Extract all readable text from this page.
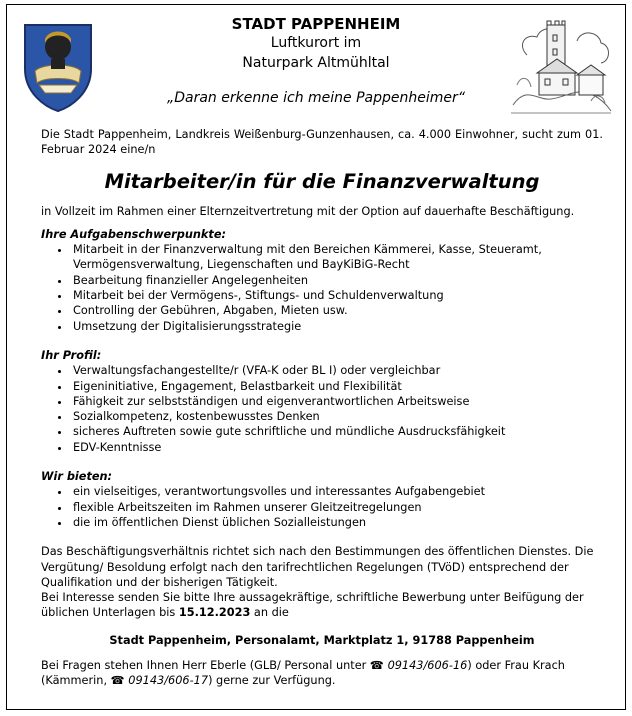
STADT PAPPENHEIM
Luftkurort im
Naturpark Altmühltal
„Daran erkenne ich meine Pappenheimer“

Die Stadt Pappenheim, Landkreis Weißenburg-Gunzenhausen, ca. 4.000 Einwohner, sucht zum 01. Februar 2024 eine/n

Mitarbeiter/in für die Finanzverwaltung

in Vollzeit im Rahmen einer Elternzeitvertretung mit der Option auf dauerhafte Beschäftigung.

Ihre Aufgabenschwerpunkte:
• Mitarbeit in der Finanzverwaltung mit den Bereichen Kämmerei, Kasse, Steueramt, Vermögensverwaltung, Liegenschaften und BayKiBiG-Recht
• Bearbeitung finanzieller Angelegenheiten
• Mitarbeit bei der Vermögens-, Stiftungs- und Schuldenverwaltung
• Controlling der Gebühren, Abgaben, Mieten usw.
• Umsetzung der Digitalisierungsstrategie
Ihr Profil:
• Verwaltungsfachangestellte/r (VFA-K oder BL I) oder vergleichbar
• Eigeninitiative, Engagement, Belastbarkeit und Flexibilität
• Fähigkeit zur selbstständigen und eigenverantwortlichen Arbeitsweise
• Sozialkompetenz, kostenbewusstes Denken
• sicheres Auftreten sowie gute schriftliche und mündliche Ausdrucksfähigkeit
• EDV-Kenntnisse
Wir bieten:
• ein vielseitiges, verantwortungsvolles und interessantes Aufgabengebiet
• flexible Arbeitszeiten im Rahmen unserer Gleitzeitregelungen
• die im öffentlichen Dienst üblichen Sozialleistungen

Das Beschäftigungsverhältnis richtet sich nach den Bestimmungen des öffentlichen Dienstes. Die Vergütung/ Besoldung erfolgt nach den tarifrechtlichen Regelungen (TVöD) entsprechend der Qualifikation und der bisherigen Tätigkeit.

Bei Interesse senden Sie bitte Ihre aussagekräftige, schriftliche Bewerbung unter Beifügung der üblichen Unterlagen bis 15.12.2023 an die

Stadt Pappenheim, Personalamt, Marktplatz 1, 91788 Pappenheim

Bei Fragen stehen Ihnen Herr Eberle (GLB/ Personal unter ☎ 09143/606-16) oder Frau Krach (Kämmerin, ☎ 09143/606-17) gerne zur Verfügung.
